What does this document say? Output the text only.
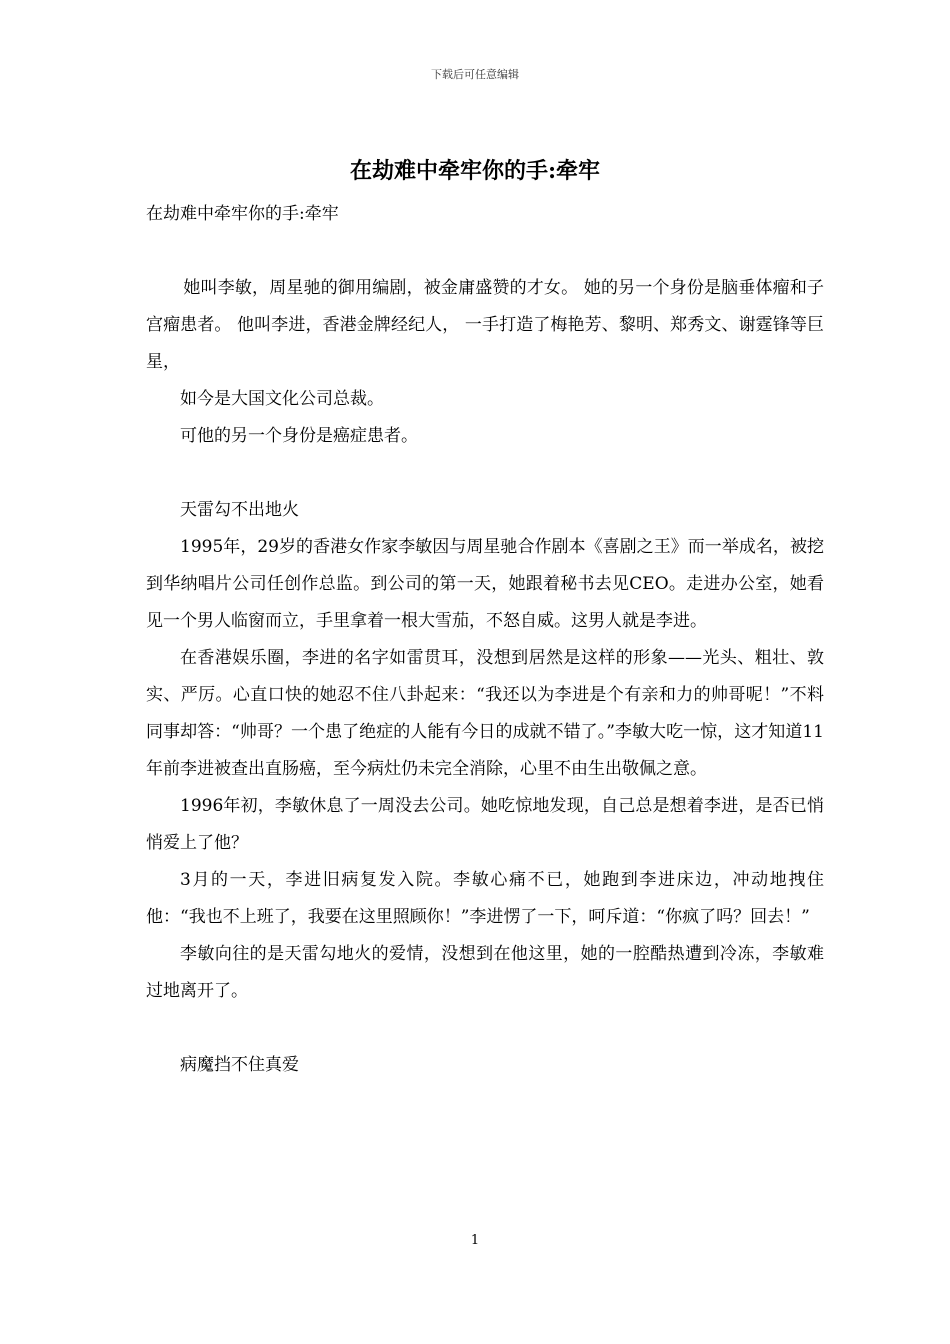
下载后可任意编辑
在劫难中牵牢你的手:牵牢

在劫难中牵牢你的手:牵牢

她叫李敏，周星驰的御用编剧，被金庸盛赞的才女。 她的另一个身份是脑垂体瘤和子宫瘤患者。 他叫李进，香港金牌经纪人， 一手打造了梅艳芳、黎明、郑秀文、谢霆锋等巨星，

如今是大国文化公司总裁。

可他的另一个身份是癌症患者。

天雷勾不出地火

1995年，29岁的香港女作家李敏因与周星驰合作剧本《喜剧之王》而一举成名，被挖到华纳唱片公司任创作总监。到公司的第一天，她跟着秘书去见CEO。走进办公室，她看见一个男人临窗而立，手里拿着一根大雪茄，不怒自威。这男人就是李进。

在香港娱乐圈，李进的名字如雷贯耳，没想到居然是这样的形象——光头、粗壮、敦实、严厉。心直口快的她忍不住八卦起来：“我还以为李进是个有亲和力的帅哥呢！”不料同事却答：“帅哥？一个患了绝症的人能有今日的成就不错了。”李敏大吃一惊，这才知道11年前李进被查出直肠癌，至今病灶仍未完全消除，心里不由生出敬佩之意。

1996年初，李敏休息了一周没去公司。她吃惊地发现，自己总是想着李进，是否已悄悄爱上了他？

3月的一天，李进旧病复发入院。李敏心痛不已，她跑到李进床边，冲动地拽住他：“我也不上班了，我要在这里照顾你！”李进愣了一下，呵斥道：“你疯了吗？回去！”

李敏向往的是天雷勾地火的爱情，没想到在他这里，她的一腔酷热遭到冷冻，李敏难过地离开了。

病魔挡不住真爱

1
